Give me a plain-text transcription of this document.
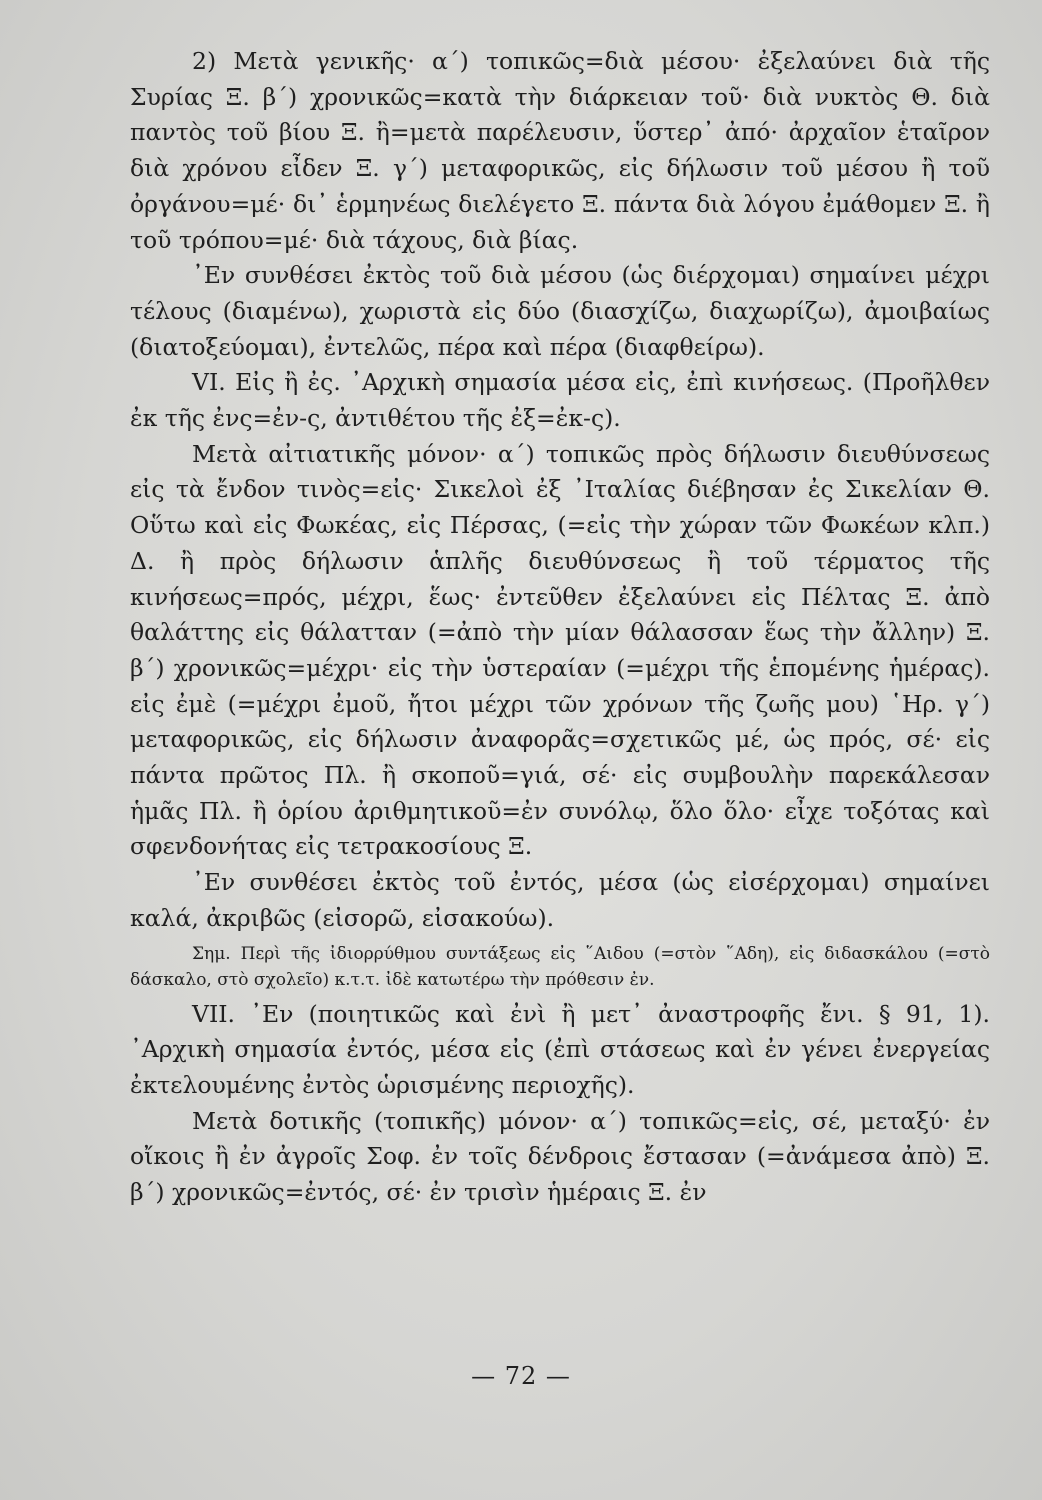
2) Μετὰ γενικῆς· α΄) τοπικῶς=διὰ μέσου· ἐξελαύνει διὰ τῆς Συρίας Ξ. β΄) χρονικῶς=κατὰ τὴν διάρκειαν τοῦ· διὰ νυκτὸς Θ. διὰ παντὸς τοῦ βίου Ξ. ἢ=μετὰ παρέλευσιν, ὕστερ᾽ ἀπό· ἀρχαῖον ἑταῖρον διὰ χρόνου εἶδεν Ξ. γ΄) μεταφορικῶς, εἰς δήλωσιν τοῦ μέσου ἢ τοῦ ὀργάνου=μέ· δι᾽ ἑρμηνέως διελέγετο Ξ. πάντα διὰ λόγου ἐμάθομεν Ξ. ἢ τοῦ τρόπου=μέ· διὰ τάχους, διὰ βίας.

᾽Εν συνθέσει ἐκτὸς τοῦ διὰ μέσου (ὡς διέρχομαι) σημαίνει μέχρι τέλους (διαμένω), χωριστὰ εἰς δύο (διασχίζω, διαχωρίζω), ἀμοιβαίως (διατοξεύομαι), ἐντελῶς, πέρα καὶ πέρα (διαφθείρω).

VI. Εἰς ἢ ἐς. ᾽Αρχικὴ σημασία μέσα εἰς, ἐπὶ κινήσεως. (Προῆλθεν ἐκ τῆς ἐνς=ἐν-ς, ἀντιθέτου τῆς ἐξ=ἐκ-ς).

Μετὰ αἰτιατικῆς μόνον· α΄) τοπικῶς πρὸς δήλωσιν διευθύνσεως εἰς τὰ ἔνδον τινὸς=εἰς· Σικελοὶ ἐξ ᾽Ιταλίας διέβησαν ἐς Σικελίαν Θ. Οὕτω καὶ εἰς Φωκέας, εἰς Πέρσας, (=εἰς τὴν χώραν τῶν Φωκέων κλπ.) Δ. ἢ πρὸς δήλωσιν ἁπλῆς διευθύνσεως ἢ τοῦ τέρματος τῆς κινήσεως=πρός, μέχρι, ἕως· ἐντεῦθεν ἐξελαύνει εἰς Πέλτας Ξ. ἀπὸ θαλάττης εἰς θάλατταν (=ἀπὸ τὴν μίαν θάλασσαν ἕως τὴν ἄλλην) Ξ. β΄) χρονικῶς=μέχρι· εἰς τὴν ὑστεραίαν (=μέχρι τῆς ἑπομένης ἡμέρας). εἰς ἐμὲ (=μέχρι ἐμοῦ, ἤτοι μέχρι τῶν χρόνων τῆς ζωῆς μου) ῾Ηρ. γ΄) μεταφορικῶς, εἰς δήλωσιν ἀναφορᾶς=σχετικῶς μέ, ὡς πρός, σέ· εἰς πάντα πρῶτος Πλ. ἢ σκοποῦ=γιά, σέ· εἰς συμβουλὴν παρεκάλεσαν ἡμᾶς Πλ. ἢ ὁρίου ἀριθμητικοῦ=ἐν συνόλῳ, ὅλο ὅλο· εἶχε τοξότας καὶ σφενδονήτας εἰς τετρακοσίους Ξ.

᾽Εν συνθέσει ἐκτὸς τοῦ ἐντός, μέσα (ὡς εἰσέρχομαι) σημαίνει καλά, ἀκριβῶς (εἰσορῶ, εἰσακούω).

Σημ. Περὶ τῆς ἰδιορρύθμου συντάξεως εἰς ῞Αιδου (=στὸν ῞Αδη), εἰς διδασκάλου (=στὸ δάσκαλο, στὸ σχολεῖο) κ.τ.τ. ἰδὲ κατωτέρω τὴν πρόθεσιν ἐν.

VII. ᾽Εν (ποιητικῶς καὶ ἐνὶ ἢ μετ᾽ ἀναστροφῆς ἔνι. § 91, 1). ᾽Αρχικὴ σημασία ἐντός, μέσα εἰς (ἐπὶ στάσεως καὶ ἐν γένει ἐνεργείας ἐκτελουμένης ἐντὸς ὡρισμένης περιοχῆς).

Μετὰ δοτικῆς (τοπικῆς) μόνον· α΄) τοπικῶς=εἰς, σέ, μεταξύ· ἐν οἴκοις ἢ ἐν ἀγροῖς Σοφ. ἐν τοῖς δένδροις ἔστασαν (=ἀνάμεσα ἀπὸ) Ξ. β΄) χρονικῶς=ἐντός, σέ· ἐν τρισὶν ἡμέραις Ξ. ἐν

— 72 —
